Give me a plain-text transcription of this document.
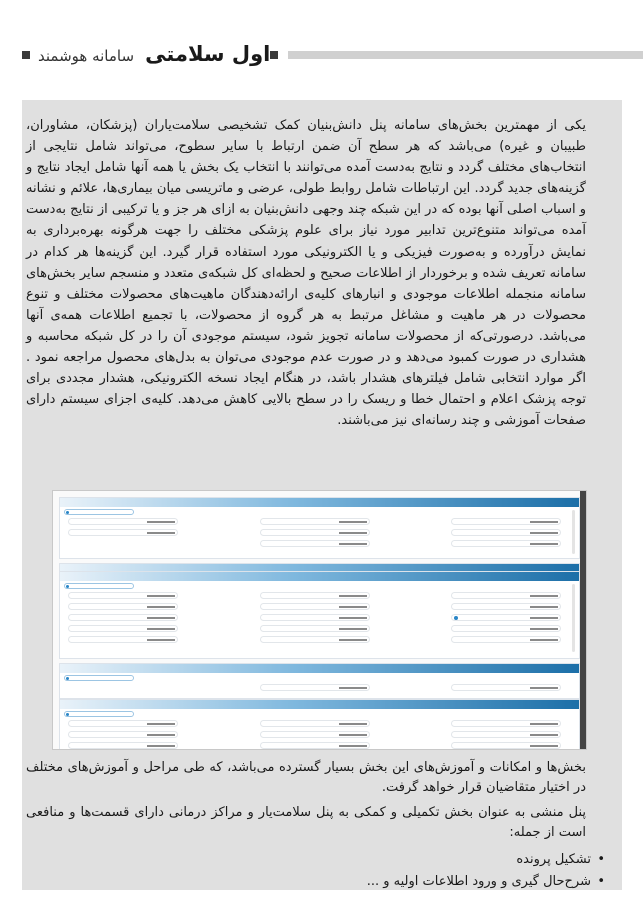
اول سلامتی سامانه هوشمند

یکی از مهمترین بخش‌های سامانه پنل دانش‌بنیان کمک تشخیصی سلامت‌یاران (پزشکان، مشاوران، طبیبان و غیره) می‌باشد که هر سطح آن ضمن ارتباط با سایر سطوح، می‌تواند شامل نتایجی از انتخاب‌های مختلف گردد و نتایج به‌دست آمده می‌توانند با انتخاب یک بخش یا همه آنها شامل ایجاد نتایج و گزینه‌های جدید گردد. این ارتباطات شامل روابط طولی، عرضی و ماتریسی میان بیماری‌ها، علائم و نشانه و اسباب اصلی آنها بوده که در این شبکه چند وجهی دانش‌بنیان به ازای هر جز و یا ترکیبی از نتایج به‌دست آمده می‌تواند متنوع‌ترین تدابیر مورد نیاز برای علوم پزشکی مختلف را جهت هرگونه بهره‌برداری به نمایش درآورده و به‌صورت فیزیکی و یا الکترونیکی مورد استفاده قرار گیرد. این گزینه‌ها هر کدام در سامانه تعریف شده و برخوردار از اطلاعات صحیح و لحظه‌ای کل شبکه‌ی متعدد و منسجم سایر بخش‌های سامانه منجمله اطلاعات موجودی و انبارهای کلیه‌ی ارائه‌دهندگان ماهیت‌های محصولات مختلف و تنوع محصولات در هر ماهیت و مشاغل مرتبط به هر گروه از محصولات، با تجمیع اطلاعات همه‌ی آنها می‌باشد. درصورتی‌که از محصولات سامانه تجویز شود، سیستم موجودی آن را در کل شبکه محاسبه و هشداری در صورت کمبود می‌دهد و در صورت عدم موجودی می‌توان به بدل‌های محصول مراجعه نمود . اگر موارد انتخابی شامل فیلترهای هشدار باشد، در هنگام ایجاد نسخه الکترونیکی، هشدار مجددی برای توجه پزشک اعلام و احتمال خطا و ریسک را در سطح بالایی کاهش می‌دهد. کلیه‌ی اجزای سیستم دارای صفحات آموزشی و چند رسانه‌ای نیز می‌باشند.

بخش‌ها و امکانات و آموزش‌های این بخش بسیار گسترده می‌باشد، که طی مراحل و آموزش‌های مختلف در اختیار متقاضیان قرار خواهد گرفت.

پنل منشی به عنوان بخش تکمیلی و کمکی به پنل سلامت‌یار و مراکز درمانی دارای قسمت‌ها و منافعی است از جمله:

• تشکیل پرونده
• شرح‌حال گیری و ورود اطلاعات اولیه و ...
